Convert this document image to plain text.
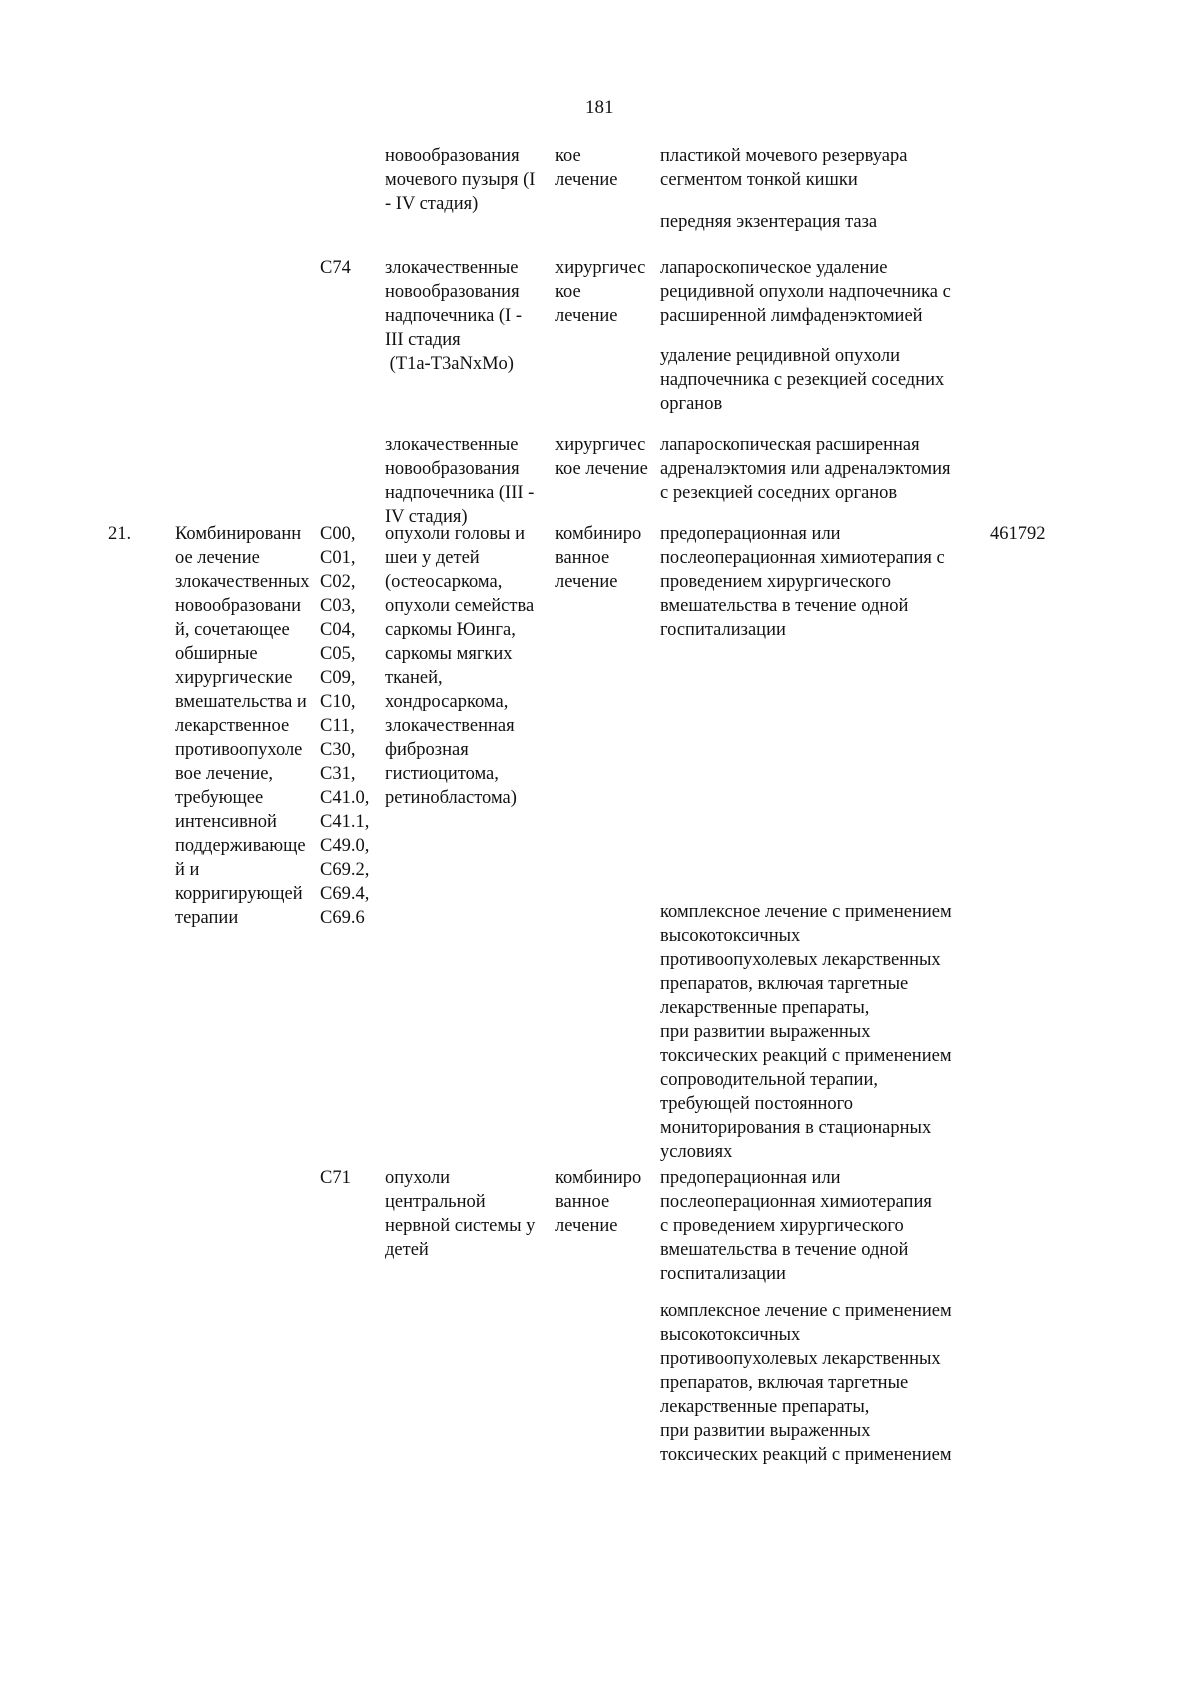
181
новообразования
мочевого пузыря (I
- IV стадия)
кое
лечение
пластикой мочевого резервуара
сегментом тонкой кишки
передняя экзентерация таза
C74 злокачественные
новообразования
надпочечника (I -
III стадия
(T1a-T3aNxMo)
хирургичес
кое
лечение
лапароскопическое удаление
рецидивной опухоли надпочечника с
расширенной лимфаденэктомией
удаление рецидивной опухоли
надпочечника с резекцией соседних
органов
злокачественные
новообразования
надпочечника (III -
IV стадия)
хирургичес
кое лечение
лапароскопическая расширенная
адреналэктомия или адреналэктомия
с резекцией соседних органов
21. Комбинированн
ое лечение
злокачественных
новообразовани
й, сочетающее
обширные
хирургические
вмешательства и
лекарственное
противоопухоле
вое лечение,
требующее
интенсивной
поддерживающе
й и
корригирующей
терапии
C00,
C01,
C02,
C03,
C04,
C05,
C09,
C10,
C11,
C30,
C31,
C41.0,
C41.1,
C49.0,
C69.2,
C69.4,
C69.6
опухоли головы и
шеи у детей
(остеосаркома,
опухоли семейства
саркомы Юинга,
саркомы мягких
тканей,
хондросаркома,
злокачественная
фиброзная
гистиоцитома,
ретинобластома)
комбиниро
ванное
лечение
предоперационная или
послеоперационная химиотерапия с
проведением хирургического
вмешательства в течение одной
госпитализации
461792
комплексное лечение с применением
высокотоксичных
противоопухолевых лекарственных
препаратов, включая таргетные
лекарственные препараты,
при развитии выраженных
токсических реакций с применением
сопроводительной терапии,
требующей постоянного
мониторирования в стационарных
условиях
C71 опухоли
центральной
нервной системы у
детей
комбиниро
ванное
лечение
предоперационная или
послеоперационная химиотерапия
с проведением хирургического
вмешательства в течение одной
госпитализации
комплексное лечение с применением
высокотоксичных
противоопухолевых лекарственных
препаратов, включая таргетные
лекарственные препараты,
при развитии выраженных
токсических реакций с применением
